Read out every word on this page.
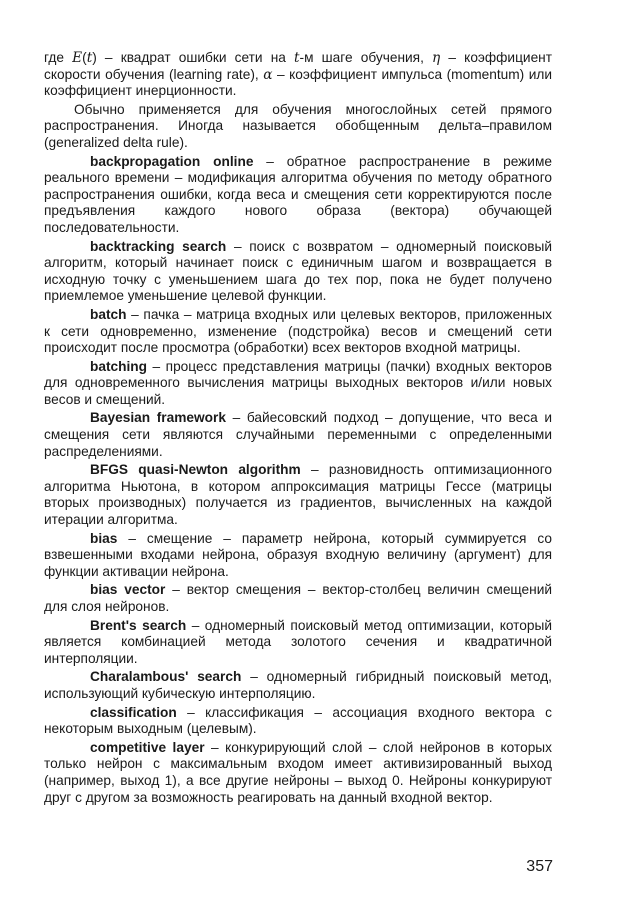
где E(t) – квадрат ошибки сети на t-м шаге обучения, η – коэффициент скорости обучения (learning rate), α – коэффициент импульса (momentum) или коэффициент инерционности.

Обычно применяется для обучения многослойных сетей прямого распространения. Иногда называется обобщенным дельта–правилом (generalized delta rule).

backpropagation online – обратное распространение в режиме реального времени – модификация алгоритма обучения по методу обратного распространения ошибки, когда веса и смещения сети корректируются после предъявления каждого нового образа (вектора) обучающей последовательности.

backtracking search – поиск с возвратом – одномерный поисковый алгоритм, который начинает поиск с единичным шагом и возвращается в исходную точку с уменьшением шага до тех пор, пока не будет получено приемлемое уменьшение целевой функции.

batch – пачка – матрица входных или целевых векторов, приложенных к сети одновременно, изменение (подстройка) весов и смещений сети происходит после просмотра (обработки) всех векторов входной матрицы.

batching – процесс представления матрицы (пачки) входных векторов для одновременного вычисления матрицы выходных векторов и/или новых весов и смещений.

Bayesian framework – байесовский подход – допущение, что веса и смещения сети являются случайными переменными с определенными распределениями.

BFGS quasi-Newton algorithm – разновидность оптимизационного алгоритма Ньютона, в котором аппроксимация матрицы Гессе (матрицы вторых производных) получается из градиентов, вычисленных на каждой итерации алгоритма.

bias – смещение – параметр нейрона, который суммируется со взвешенными входами нейрона, образуя входную величину (аргумент) для функции активации нейрона.

bias vector – вектор смещения – вектор-столбец величин смещений для слоя нейронов.

Brent's search – одномерный поисковый метод оптимизации, который является комбинацией метода золотого сечения и квадратичной интерполяции.

Charalambous' search – одномерный гибридный поисковый метод, использующий кубическую интерполяцию.

classification – классификация – ассоциация входного вектора с некоторым выходным (целевым).

competitive layer – конкурирующий слой – слой нейронов в которых только нейрон с максимальным входом имеет активизированный выход (например, выход 1), а все другие нейроны – выход 0. Нейроны конкурируют друг с другом за возможность реагировать на данный входной вектор.

357
